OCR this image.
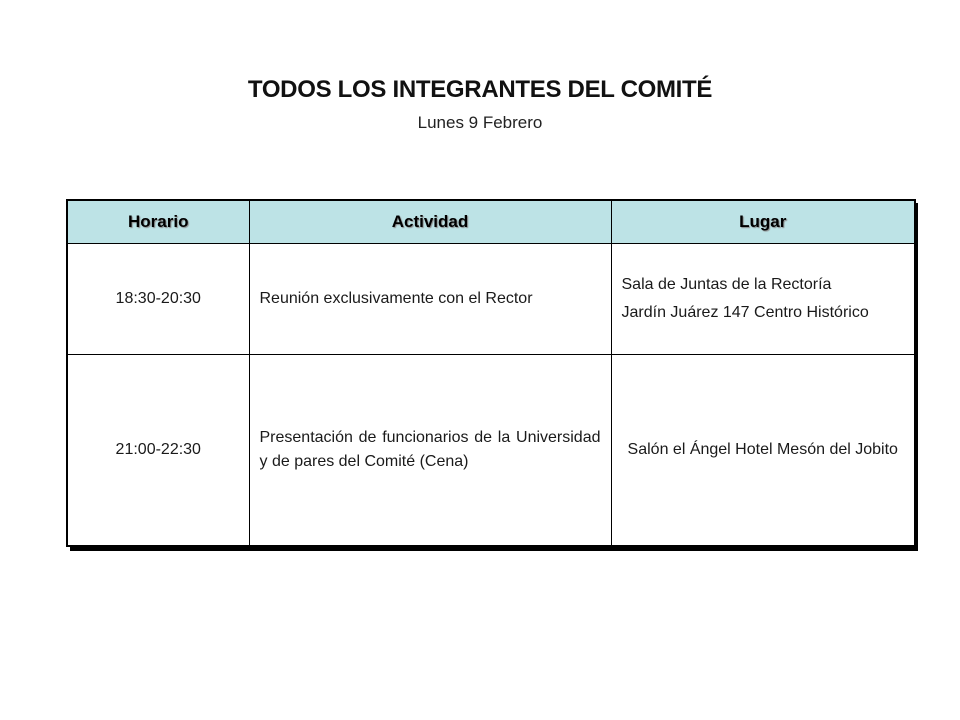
TODOS LOS INTEGRANTES DEL COMITÉ
Lunes 9 Febrero
Horario	Actividad	Lugar
18:30-20:30	Reunión exclusivamente con el Rector	Sala de Juntas de la Rectoría

Jardín Juárez 147 Centro Histórico

21:00-22:30	Presentación de funcionarios de la Universidad y de pares del Comité (Cena)	Salón el Ángel Hotel Mesón del Jobito
